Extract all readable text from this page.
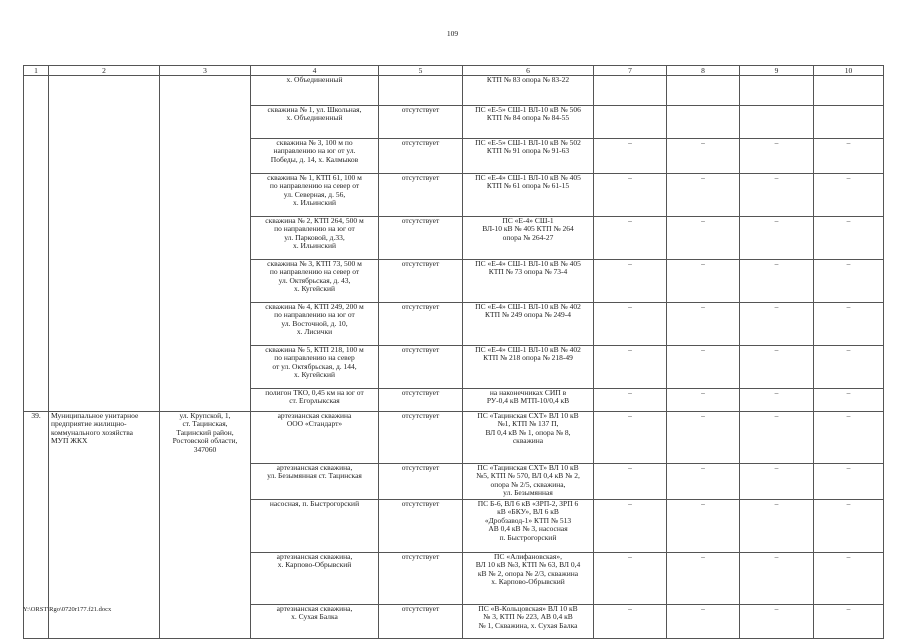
109
1	2	3	4	5	6	7	8	9	10
			х. Объединенный		КТП № 83 опора № 83-22				
			скважина № 1, ул. Школьная,
х. Объединенный	отсутствует	ПС «Е-5» СШ-1 ВЛ-10 кВ № 506
КТП № 84 опора № 84-55				
			скважина № 3, 100 м по
направлению на юг от ул.
Победы, д. 14, х. Калмыков	отсутствует	ПС «Е-5» СШ-1 ВЛ-10 кВ № 502
КТП № 91 опора № 91-63	–	–	–	–
			скважина № 1, КТП 61, 100 м
по направлению на север от
ул. Северная, д. 56,
х. Ильинский	отсутствует	ПС «Е-4» СШ-1 ВЛ-10 кВ № 405
КТП № 61 опора № 61-15	–	–	–	–
			скважина № 2, КТП 264, 500 м
по направлению на юг от
ул. Парковой, д.33,
х. Ильинский	отсутствует	ПС «Е-4» СШ-1
ВЛ-10 кВ № 405 КТП № 264
опора № 264-27	–	–	–	–
			скважина № 3, КТП 73, 500 м
по направлению на север от
ул. Октябрьская, д. 43,
х. Кугейский	отсутствует	ПС «Е-4» СШ-1 ВЛ-10 кВ № 405
КТП № 73 опора № 73-4	–	–	–	–
			скважина № 4, КТП 249, 200 м
по направлению на юг от
ул. Восточной, д. 10,
х. Лисички	отсутствует	ПС «Е-4» СШ-1 ВЛ-10 кВ № 402
КТП № 249 опора № 249-4	–	–	–	–
			скважина № 5, КТП 218, 100 м
по направлению на север
от ул. Октябрьская, д. 144,
х. Кугейский	отсутствует	ПС «Е-4» СШ-1 ВЛ-10 кВ № 402
КТП № 218 опора № 218-49	–	–	–	–
			полигон ТКО, 0,45 км на юг от
ст. Егорлыкская	отсутствует	на наконечниках СИП в
РУ-0,4 кВ МТП-10/0,4 кВ	–	–	–	–
39.	Муниципальное унитарное
предприятие жилищно-
коммунального хозяйства
МУП ЖКХ	ул. Крупской, 1,
ст. Тацинская,
Тацинский район,
Ростовской области,
347060	артезианская скважина
ООО «Стандарт»	отсутствует	ПС «Тацинская СХТ» ВЛ 10 кВ
№1, КТП № 137 П,
ВЛ 0,4 кВ № 1, опора № 8,
скважина	–	–	–	–
			артезианская скважина,
ул. Безымянная ст. Тацинская	отсутствует	ПС «Тацинская СХТ» ВЛ 10 кВ
№5, КТП № 570, ВЛ 0,4 кВ № 2,
опора № 2/5, скважина,
ул. Безымянная	–	–	–	–
			насосная, п. Быстрогорский	отсутствует	ПС Б-6, ВЛ 6 кВ «ЗРП-2, ЗРП 6
кВ «БКУ», ВЛ 6 кВ
«Дробзавод-1» КТП № 513
АВ 0,4 кВ № 3, насосная
п. Быстрогорский	–	–	–	–
			артезианская скважина,
х. Карпово-Обрывский	отсутствует	ПС «Алифановская»,
ВЛ 10 кВ №3, КТП № 63, ВЛ 0,4
кВ № 2, опора № 2/3, скважина
х. Карпово-Обрывский	–	–	–	–
			артезианская скважина,
х. Сухая Балка	отсутствует	ПС «В-Кольцовская» ВЛ 10 кВ
№ 3, КТП № 223, АВ 0,4 кВ
№ 1, Скважина, х. Сухая Балка	–	–	–	–
Y:\ORST\Rgo\0720r177.f21.docx
